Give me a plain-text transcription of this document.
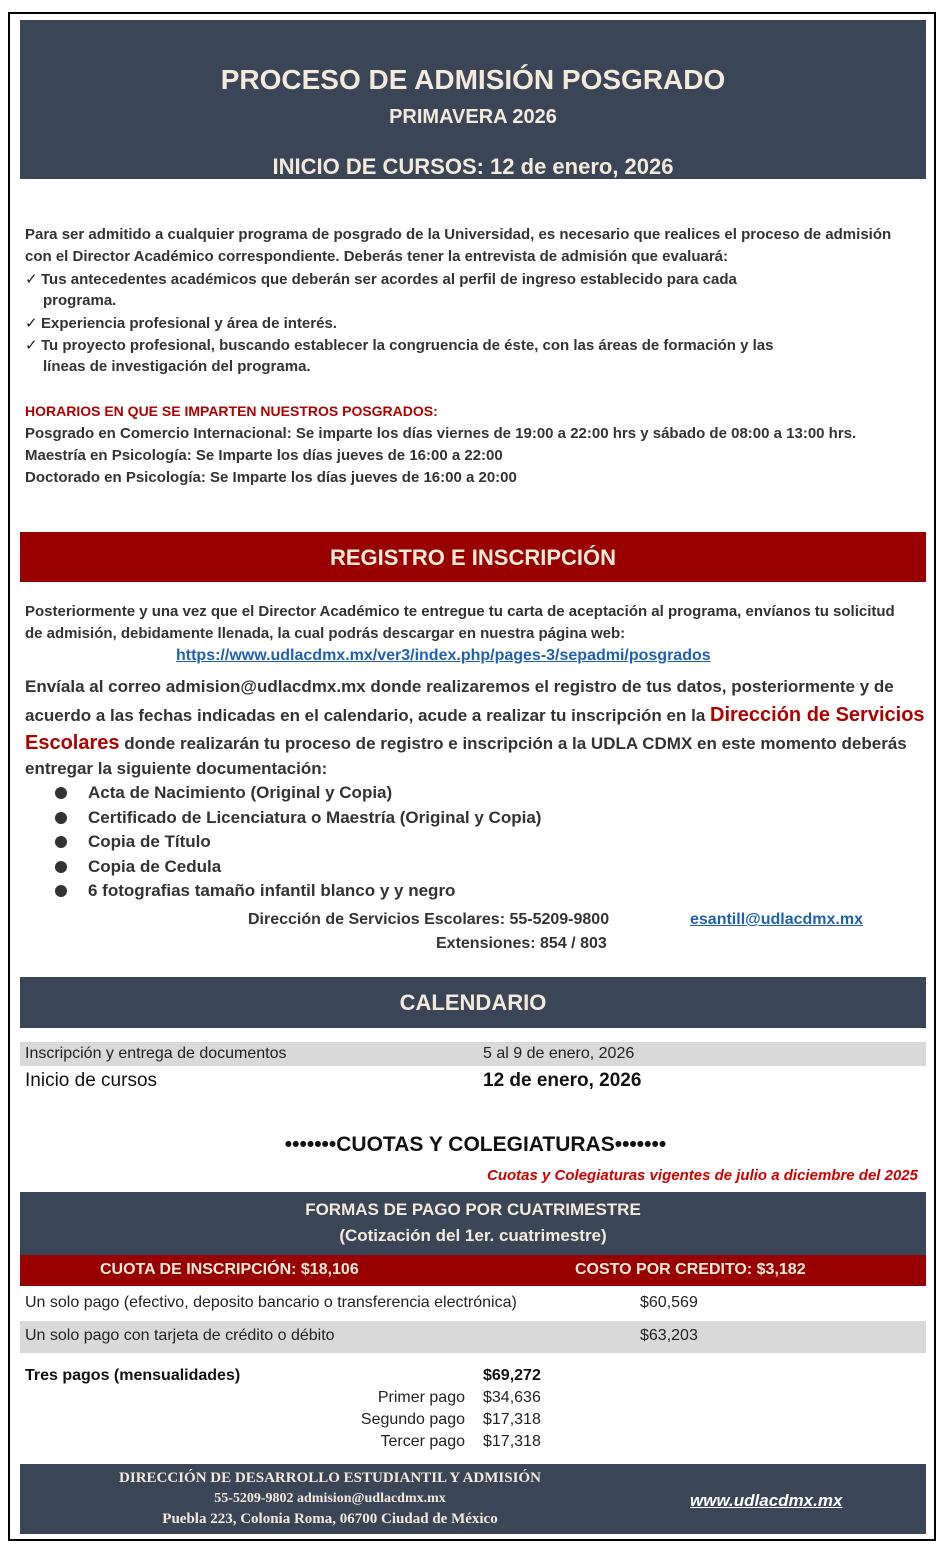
PROCESO DE ADMISIÓN POSGRADO
PRIMAVERA 2026
INICIO DE CURSOS: 12 de enero, 2026
Para ser admitido a cualquier programa de posgrado de la Universidad, es necesario que realices el proceso de admisión
con el Director Académico correspondiente. Deberás tener la entrevista de admisión que evaluará:
✓ Tus antecedentes académicos que deberán ser acordes al perfil de ingreso establecido para cada
programa.
✓ Experiencia profesional y área de interés.
✓ Tu proyecto profesional, buscando establecer la congruencia de éste, con las áreas de formación y las
líneas de investigación del programa.
HORARIOS EN QUE SE IMPARTEN NUESTROS POSGRADOS:
Posgrado en Comercio Internacional: Se imparte los días viernes de 19:00 a 22:00 hrs y sábado de 08:00 a 13:00 hrs.
Maestría en Psicología: Se Imparte los días jueves de 16:00 a 22:00
Doctorado en Psicología: Se Imparte los días jueves de 16:00 a 20:00
REGISTRO E INSCRIPCIÓN
Posteriormente y una vez que el Director Académico te entregue tu carta de aceptación al programa, envíanos tu solicitud
de admisión, debidamente llenada, la cual podrás descargar en nuestra página web:
https://www.udlacdmx.mx/ver3/index.php/pages-3/sepadmi/posgrados
Envíala al correo admision@udlacdmx.mx donde realizaremos el registro de tus datos, posteriormente y de
acuerdo a las fechas indicadas en el calendario, acude a realizar tu inscripción en la Dirección de Servicios
Escolares donde realizarán tu proceso de registro e inscripción a la UDLA CDMX en este momento deberás
entregar la siguiente documentación:
Acta de Nacimiento (Original y Copia)
Certificado de Licenciatura o Maestría (Original y Copia)
Copia de Título
Copia de Cedula
6 fotografias tamaño infantil blanco y y negro
Dirección de Servicios Escolares: 55-5209-9800	esantill@udlacdmx.mx
Extensiones: 854 / 803
CALENDARIO
Inscripción y entrega de documentos	5 al 9 de enero, 2026
Inicio de cursos	12 de enero, 2026
•••••••CUOTAS Y COLEGIATURAS•••••••
Cuotas y Colegiaturas vigentes de julio a diciembre del 2025
FORMAS DE PAGO POR CUATRIMESTRE
(Cotización del 1er. cuatrimestre)
CUOTA DE INSCRIPCIÓN: $18,106	COSTO POR CREDITO: $3,182
Un solo pago (efectivo, deposito bancario o transferencia electrónica)	$60,569
Un solo pago con tarjeta de crédito o débito	$63,203
Tres pagos (mensualidades)	$69,272
Primer pago $34,636
Segundo pago $17,318
Tercer pago $17,318
DIRECCIÓN DE DESARROLLO ESTUDIANTIL Y ADMISIÓN
55-5209-9802 admision@udlacdmx.mx
Puebla 223, Colonia Roma, 06700 Ciudad de México
www.udlacdmx.mx
